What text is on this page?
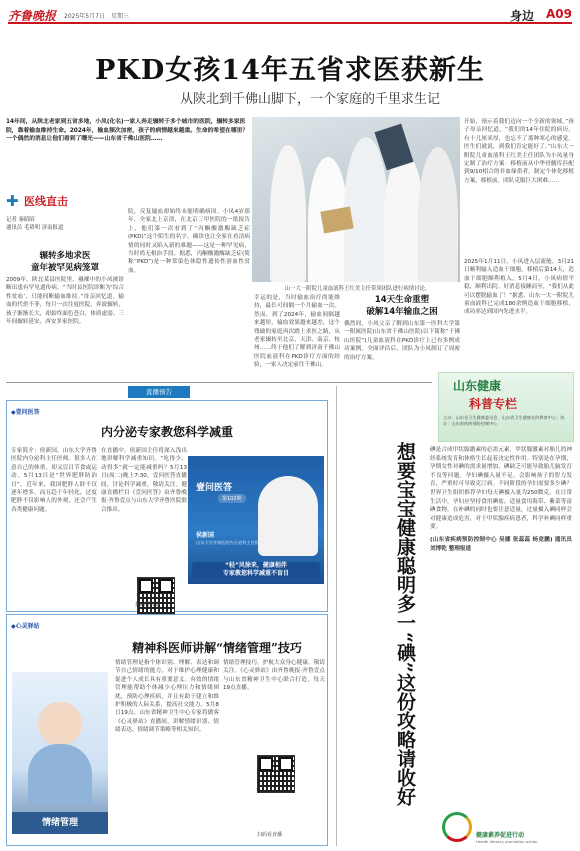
齐鲁晚报 2025年5月7日 星期三	身边 A09
PKD女孩14年五省求医获新生
从陕北到千佛山脚下，一个家庭的千里求生记
14年间，从陕北老家到五省多地，小凤(化名)一家人奔走辗转于多个城市的医院，辗转多家医院，靠着输血维持生命。2024年，输血频次加密，孩子的病情越来越重。生命的希望在哪里？一个偶然的消息让他们看到了曙光——山东省千佛山医院……
山一大一附院儿童血液科王红美主任带领团队进行病情讨论。
✚ 医线直击
记者 秦昭昭
通讯员 毛珺明 济南报道
辗转多地求医
童年被罕见病笼罩
2009年，陕北某县医院里，襁褓中的小凤被诊断出患有罕见遗传病。“当时县医院诊断为‘综合性贫血’，只能间断输血维持。”母亲回忆道。输血的代价不菲，每月一次往返医院，奔波辗转，孩子渐渐长大，却始终面色苍白，体质虚弱。三年间辗转延安、西安多家医院。
院，反复输血却始终未能明确病因。小凤4岁那年，全家北上京津，在北京三甲医院的一纸报告上，他们第一次看到了“丙酮酸激酶缺乏症(PKD)”这个陌生的名字。确诊也让全家在看清病情的同时又陷入新的难题——这是一种罕见病，当时尚无根治手段。据悉，丙酮酸激酶缺乏症(简称“PKD”)是一种常染色体隐性遗传性溶血性贫血。
幸运的是，当时输血治疗尚能维持，最长可间隔一个月输血一次。然而，到了2024年，输血间隔越来越短，输血效果越来越差，这个残破的家庭再次踏上求医之路，从老家辗转至北京、天津、南京、杭州……终于他们了解到济南千佛山医院血液科在PKD诊疗方面的经验，一家人决定前往千佛山。
14天生命重塑
破解14年输血之困
偶然间，小凤父亲了解到山东第一医科大学第一附属医院(山东省千佛山医院)以下简称“千佛山医院”)儿童血液科在PKD诊疗上已有多例成功案例。全面评估后，团队为小凤制订了周密的治疗方案。
开始，预示着我们迈向一个全新的领域。”孩子母亲回忆道，“我们的14年住院的病历，有十几厘米厚，也忘不了那种寒心的感觉。医生们就说，到我们肯定能好了。”山东大一附院儿童血液科王红美主任团队为小凤量身定制了治疗方案：移植前从中华骨髓库匹配到9/10相合的非血缘供者，制定个体化移植方案，移植前，团队克服巨大困难……
2025年1月11日，小凤进入层流舱。3月21日顺利输入造血干细胞，移植后第14天，造血干细胞顺利植入，5月4日，小凤病情平稳，顺利出院。好消息接踵而至，“我们从此可以摆脱输血了！”据悉，山东一大一附院儿童血液科已完成180余例造血干细胞移植，成功率达到国内先进水平。
直播预告
◆壹问医答
内分泌专家教您科学减重
专家简介：侯新国，山东大学齐鲁医院内分泌科主任医师。很多人在意自己的体重，却又盲目节食或运动。5月13日是“世界肥胖防治日”。近年来，我国肥胖人群不仅逐年增多，而且趋于年轻化，过度肥胖不仅影响人的外观，还会产生各类健康问题。
在直播中，侯新国主任将深入浅出地讲解科学减重知识。“吃得少、动得多”就一定能减重吗？5月13日(周二)晚上7:30，壹问医答直播间，讨论科学减重，敬请关注。健康直播栏目《壹问医答》由齐鲁晚报·齐鲁壹点与山东大学齐鲁医院联合推出。
扫码看直播
壹问医答
第102期
侯新国
山东大学齐鲁医院内分泌科主任医师
“轻”风徐来，健康相伴
专家教您科学减重不盲目
◆心灵驿站
精神科医师讲解“情绪管理”技巧
情绪管理是指个体识别、理解、表达和调节自己情绪的能力，对于维护心理健康和促进个人成长具有重要意义。有效的情绪管理能帮助个体减少心理压力和情绪困扰，预防心理疾病，并且有助于建立和维护积极的人际关系，提高社交能力。5月8日19点，山东省精神卫生中心专家将做客《心灵驿站》直播间，讲解情绪识别、情绪表达、情绪调节策略等相关知识。
情绪管理技巧，护航大众身心健康。敬请关注。《心灵驿站》由齐鲁晚报·齐鲁壹点与山东省精神卫生中心联合打造，每天19点直播。
扫码看直播
情绪管理
山东健康
科普专栏
主办：山东省卫生健康委员会、山东省卫生健康宣传教育中心；协办：山东省疾病预防控制中心
想要宝宝健康聪明多一“碘”这份攻略请收好	碘是合成甲状腺激素的必需元素，甲状腺激素对胎儿的神经系统发育和体格生长起着决定性作用。特别是在孕期，孕期女性对碘的需求量增加，碘缺乏可能导致胎儿脑发育不良等问题。孕妇碘摄入量不足，会影响孩子的智力发育，严重时可导致克汀病。不同阶段的孕妇需要多少碘？世界卫生组织推荐孕妇每天碘摄入量为250微克，在日常生活中，孕妇应坚持食用碘盐，适量食用海带、紫菜等富碘食物。在补碘的同时也要注意适量，过量摄入碘同样会对健康造成危害，对于甲状腺疾病患者，科学补碘同样重要。
(山东省疾病预防控制中心 吴娜 张蕊蕊 杨竞鹏) 通讯员 刘博乾 整理报道
健康素养促进行动
Health literacy promotion action
